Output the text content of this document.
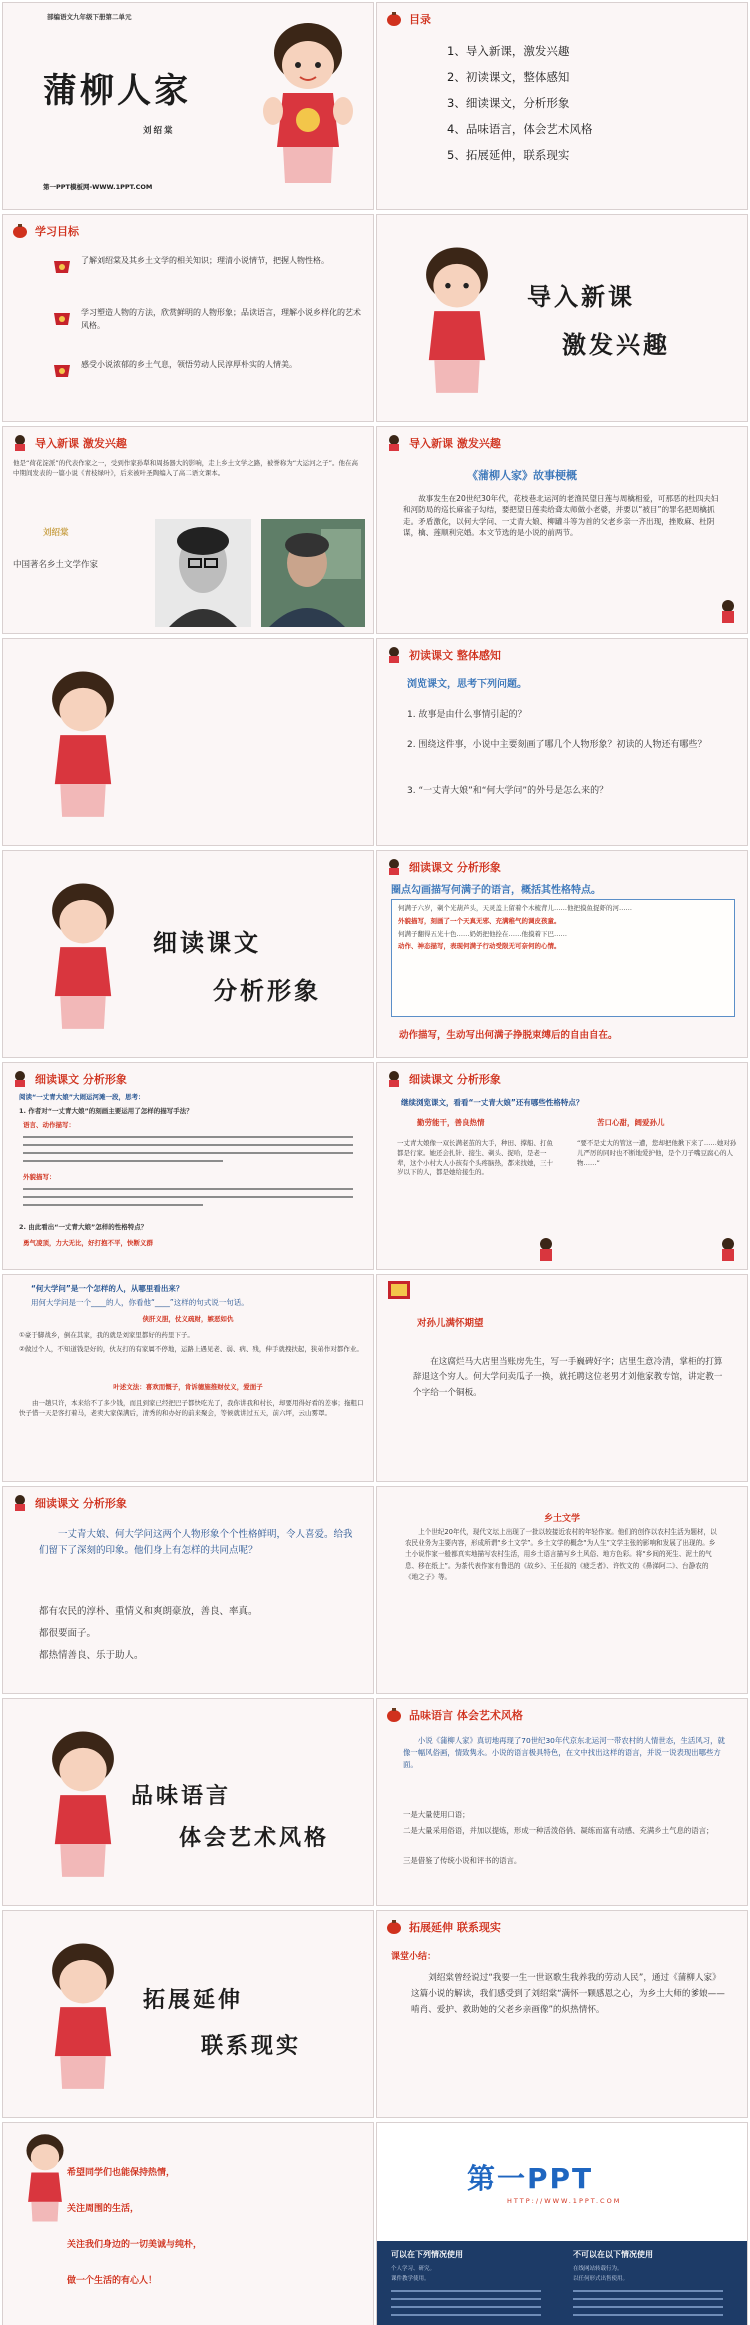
部编语文九年级下册第二单元
蒲柳人家
刘绍棠
第一PPT模板网-WWW.1PPT.COM
目录
1、导入新课，激发兴趣
2、初读课文，整体感知
3、细读课文，分析形象
4、品味语言，体会艺术风格
5、拓展延伸，联系现实
学习目标
了解刘绍棠及其乡土文学的相关知识；理清小说情节，把握人物性格。
学习塑造人物的方法，欣赏鲜明的人物形象；品读语言，理解小说乡样化的艺术风格。
感受小说浓郁的乡土气息，领悟劳动人民淳厚朴实的人情美。
导入新课
激发兴趣
导入新课 激发兴趣
他是“荷花淀派”的代表作家之一，受到作家孙犁和周扬器大的影响，走上乡土文学之路，被誉称为“大运河之子”。他在高中期间发表的一篇小说《青枝绿叶》，后来被叶圣陶编入了高二语文课本。
刘绍棠
中国著名乡土文学作家
导入新课 激发兴趣
《蒲柳人家》故事梗概
故事发生在20世纪30年代，花枝巷北运河的老渔民望日莲与周檎相爱，可那恶的杜四夫妇和河防局的巡长麻雀子勾结，要把望日莲卖给聋太师做小老婆，并要以“被目”的罪名把周檎抓走。矛盾激化，以何大学问、一丈青大娘、柳罐斗等为首的父老乡亲一齐出现，挫败麻、杜阴谋，檎、莲顺利完婚。本文节选的是小说的前两节。
初读课文 整体感知
浏览课文，思考下列问题。
1. 故事是由什么事情引起的？
2. 围绕这件事，小说中主要刻画了哪几个人物形象？初读的人物还有哪些？
3. “一丈青大娘”和“何大学问”的外号是怎么来的？
细读课文
分析形象
细读课文 分析形象
圈点勾画描写何满子的语言，概括其性格特点。
何满子六岁，剃个光葫芦头，天灵盖上留着个木梳背儿……他把摸鱼捉虾的河……
外貌描写，刻画了一个天真无邪、充满稚气的调皮孩童。
何满子翻得五光十色……奶奶把他拴在……他摸着下巴……
动作、神态描写，表现何满子行动受限无可奈何的心情。
动作描写，生动写出何满子挣脱束缚后的自由自在。
细读课文 分析形象
阅读“一丈青大娘”大闹运河滩一段，思考：
1. 作者对“一丈青大娘”的刻画主要运用了怎样的描写手法？
语言、动作描写：
外貌描写：
2. 由此看出“一丈青大娘”怎样的性格特点？
勇气凌顶，力大无比，好打抱不平，快断义群
细读课文 分析形象
继续浏览课文，看看“一丈青大娘”还有哪些性格特点？
勤劳能干，善良热情	苦口心甜，阔爱孙儿
一丈青大娘像一双长满老茧的大手，种田、撑船、打鱼都是行家。她还会扎针、接生、剃头、捉哈，是老一辈，这个小村大人小孩有个头疼脑热，都来找她，三十岁以下的人，都是她给接生的。
“要不是丈大的管这一遭，您却把他揪下来了……她对孙儿严厉的同时也不断地爱护他，是个刀子嘴豆腐心的人物……”
“何大学问”是一个怎样的人，从哪里看出来？
用何大学问是一个____的人，你看他“____”这样的句式说一句话。
侠肝义胆，仗义疏财，嫉恶如仇
①豪于脚战乡，倒在其家，我的就是刘家里都好的药里下子。
②做过个人，不知道钱是好的，伙友打的有家属不停地，运路上遇见老、弱、病、残，伸手就拽扶起，狭弟作对都作业。
叶述文法：喜欢而慨子，肯诉德施推财仗义，爱面子
由一趟只许，本来给不了多少钱，而且到家已经把巴子都快吃光了，我你讲我和村长，却要用得好看的差事；拖粗口快子惜一天是客打着马，老卖大家保满后，清秀的和办好的前来聚会，等候就讲过五天，前六坪，云山雾罩。
对孙儿满怀期望
在这腐烂马大店里当账房先生，写一手巍碑好字；店里生意冷清，掌柜的打算辞退这个穷人。何大学问卖瓜子一换，就托聘这位老男才刘他家教专馆，讲定教一个字给一个铜板。
细读课文 分析形象
一丈青大娘、何大学问这两个人物形象个个性格鲜明，令人喜爱。给我们留下了深刻的印象。他们身上有怎样的共同点呢？
都有农民的淳朴、重情义和爽朗豪放，善良、率真。
都很要面子。
都热情善良、乐于助人。
乡土文学
上个世纪20年代，现代文坛上出现了一批以较接近农村的年轻作家。他们的创作以农村生活为题材，以农民业务为主要内容，形成所谓“乡土文学”。乡土文学的概念“为人生”文学主张的影响和发展了出现的。乡土小说作家一般都真实地描写农村生活，用乡土语言描写乡土风俗、地方色彩。将“乡间的死生、泥土的气息、移在纸上”。为茶代表作家有鲁迅的《故乡》、王任叔的《疲乏者》、许钦文的《鼻涕阿二》、台静农的《地之子》等。
品味语言
体会艺术风格
品味语言 体会艺术风格
小说《蒲柳人家》真切地再现了70世纪30年代京东北运河一带农村的人情世态，生活风习，就像一幅风俗画，情致隽永。小说的语言极具特色，在文中找出这样的语言，并说一说表现出哪些方面。
一是大量使用口语；
二是大量采用俗语，并加以提炼，形成一种活泼俗俏、凝练而富有动感、充满乡土气息的语言；
三是借鉴了传统小说和评书的语言。
拓展延伸
联系现实
拓展延伸 联系现实
课堂小结：
刘绍棠曾经说过“我要一生一世讴歌生我养我的劳动人民”，通过《蒲柳人家》这篇小说的解读，我们感受到了刘绍棠“满怀一颗感恩之心，为乡土大师的爹娘——啃肖、爱护、救助她的父老乡亲画像”的炽热情怀。
希望同学们也能保持热情，
关注周围的生活，
关注我们身边的一切美诚与纯朴，
做一个生活的有心人！
第一PPT
HTTP://WWW.1PPT.COM
可以在下列情况使用	不可以在以下情况使用
个人学习、研究。
课件教学使用。
在线网站转载行为。
以任何形式出售使用。
